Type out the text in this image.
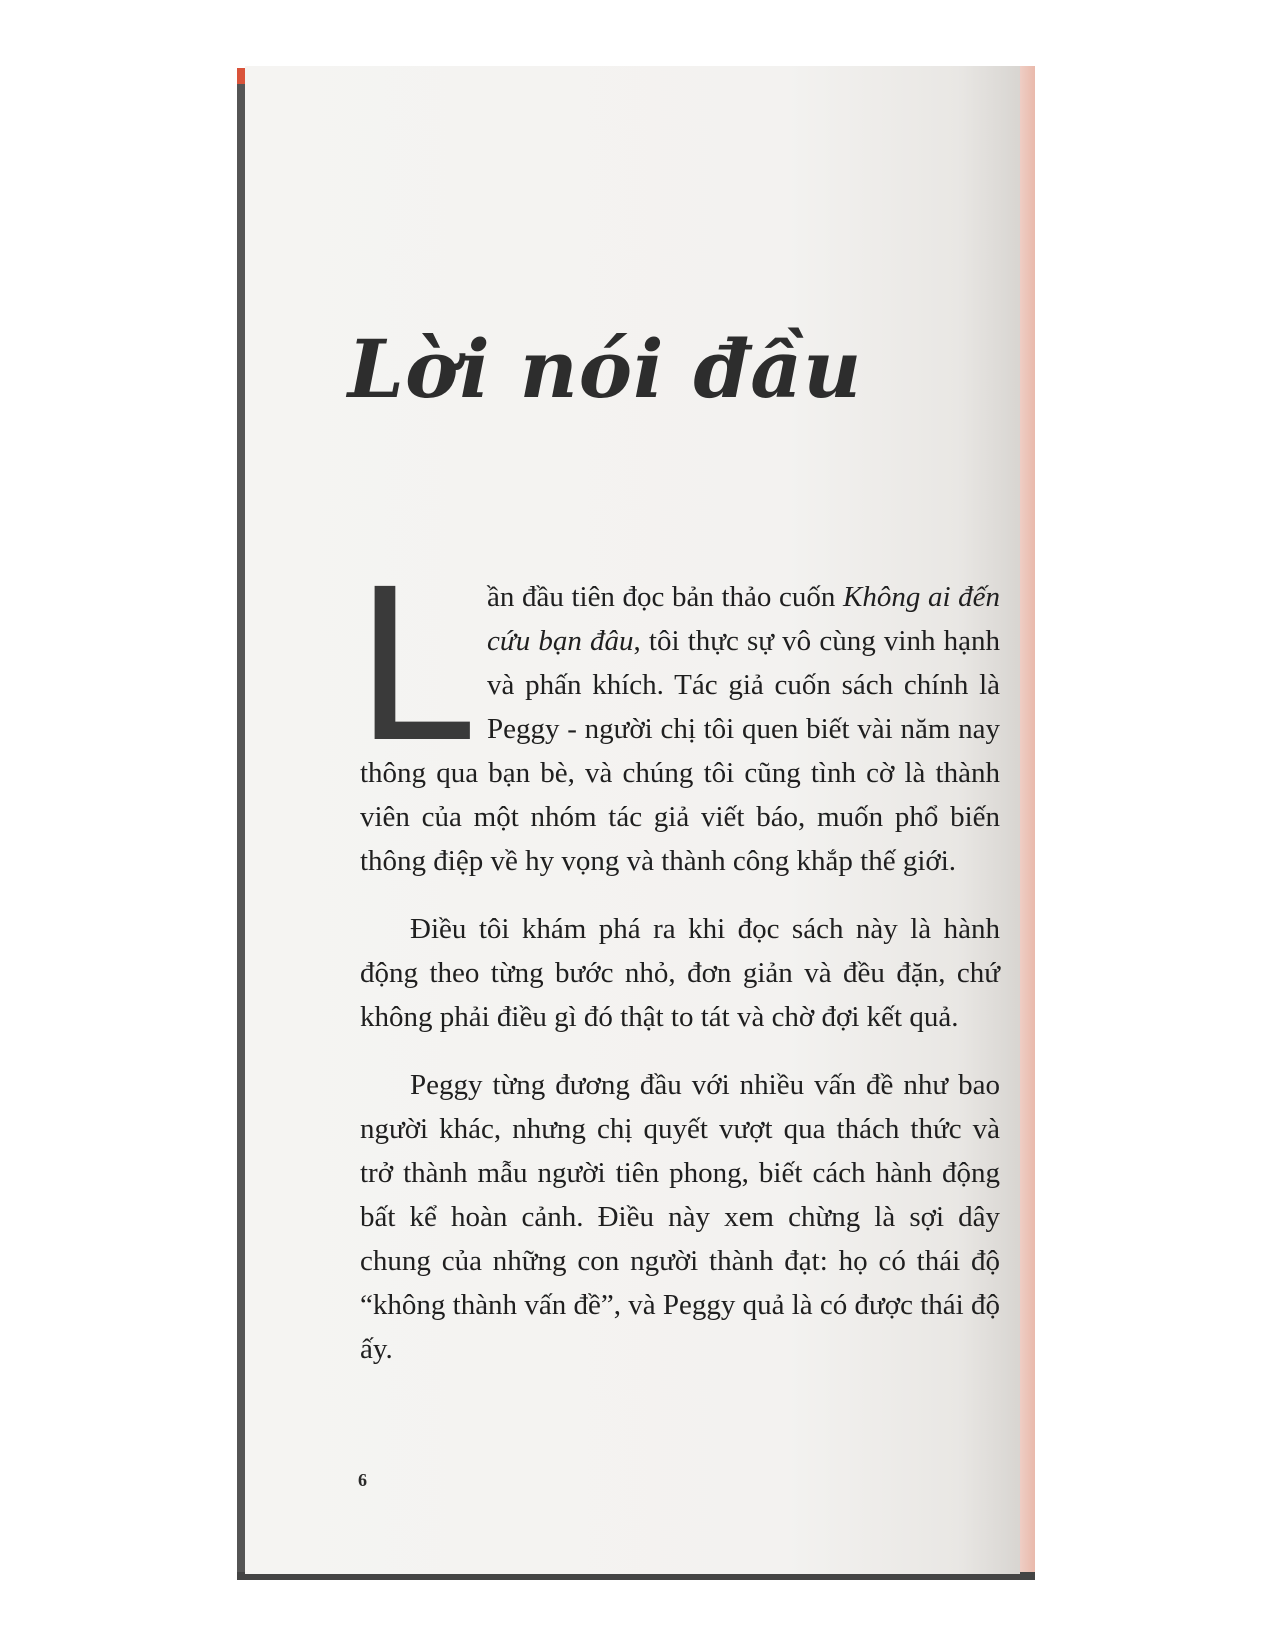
Lời nói đầu

Lần đầu tiên đọc bản thảo cuốn Không ai đến cứu bạn đâu, tôi thực sự vô cùng vinh hạnh và phấn khích. Tác giả cuốn sách chính là Peggy - người chị tôi quen biết vài năm nay thông qua bạn bè, và chúng tôi cũng tình cờ là thành viên của một nhóm tác giả viết báo, muốn phổ biến thông điệp về hy vọng và thành công khắp thế giới.

Điều tôi khám phá ra khi đọc sách này là hành động theo từng bước nhỏ, đơn giản và đều đặn, chứ không phải điều gì đó thật to tát và chờ đợi kết quả.

Peggy từng đương đầu với nhiều vấn đề như bao người khác, nhưng chị quyết vượt qua thách thức và trở thành mẫu người tiên phong, biết cách hành động bất kể hoàn cảnh. Điều này xem chừng là sợi dây chung của những con người thành đạt: họ có thái độ “không thành vấn đề”, và Peggy quả là có được thái độ ấy.

6
